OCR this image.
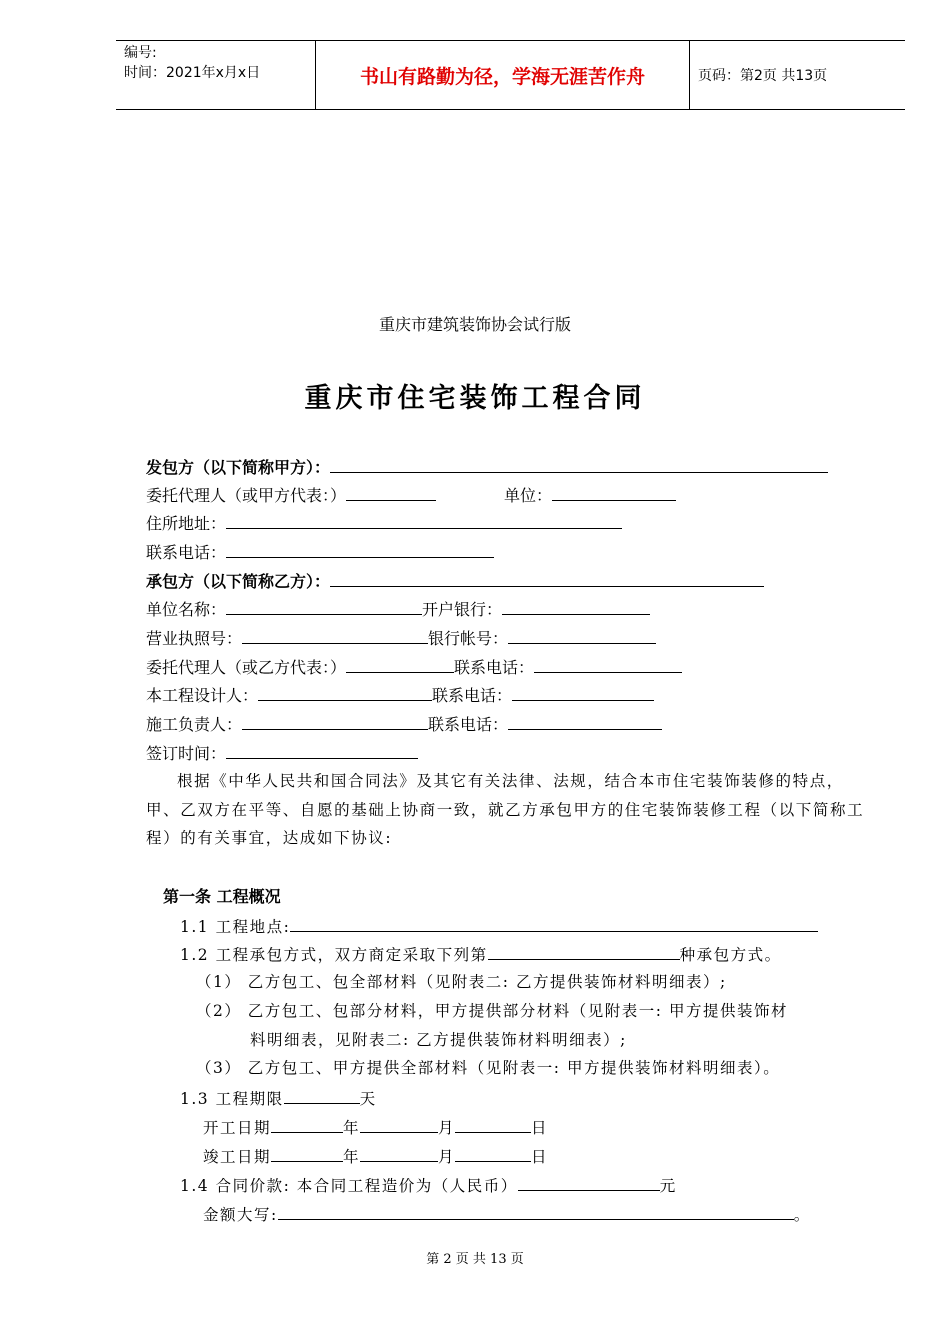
编号:
时间：2021年x月x日	书山有路勤为径，学海无涯苦作舟	页码：第2页 共13页
重庆市建筑装饰协会试行版
重庆市住宅装饰工程合同
发包方（以下简称甲方）：
委托代理人（或甲方代表：）	单位：
住所地址：
联系电话：
承包方（以下简称乙方）：
单位名称：	开户银行：
营业执照号：	银行帐号：
委托代理人（或乙方代表：）	联系电话：
本工程设计人：	联系电话：
施工负责人：	联系电话：
签订时间：
根据《中华人民共和国合同法》及其它有关法律、法规，结合本市住宅装饰装修的特点，甲、乙双方在平等、自愿的基础上协商一致，就乙方承包甲方的住宅装饰装修工程（以下简称工程）的有关事宜，达成如下协议:
第一条 工程概况
1.1 工程地点:
1.2 工程承包方式，双方商定采取下列第	种承包方式。
（1） 乙方包工、包全部材料（见附表二: 乙方提供装饰材料明细表）;
（2） 乙方包工、包部分材料，甲方提供部分材料（见附表一: 甲方提供装饰材
料明细表，见附表二: 乙方提供装饰材料明细表）;
（3） 乙方包工、甲方提供全部材料（见附表一: 甲方提供装饰材料明细表）。
1.3 工程期限	天
开工日期	年	月	日
竣工日期	年	月	日
1.4 合同价款: 本合同工程造价为（人民币）	元
金额大写:	。
第 2 页 共 13 页
